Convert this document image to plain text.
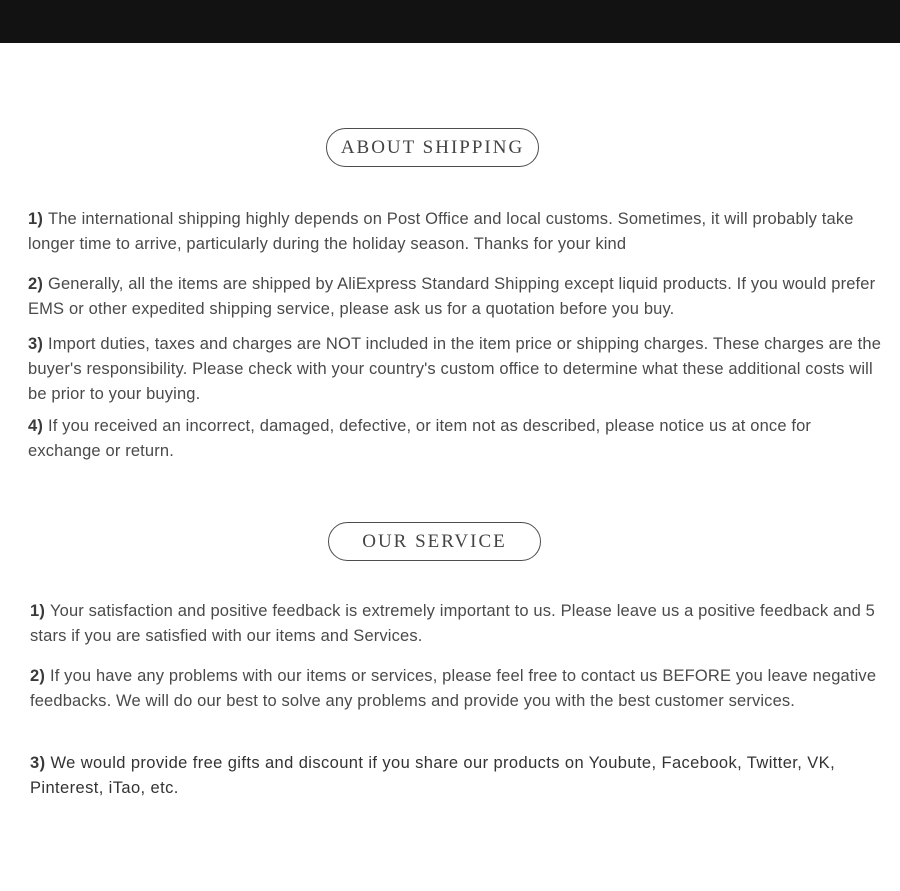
ABOUT SHIPPING

1) The international shipping highly depends on Post Office and local customs. Sometimes, it will probably take longer time to arrive, particularly during the holiday season. Thanks for your kind

2) Generally, all the items are shipped by AliExpress Standard Shipping except liquid products. If you would prefer EMS or other expedited shipping service, please ask us for a quotation before you buy.

3) Import duties, taxes and charges are NOT included in the item price or shipping charges. These charges are the buyer's responsibility. Please check with your country's custom office to determine what these additional costs will be prior to your buying.

4) If you received an incorrect, damaged, defective, or item not as described, please notice us at once for exchange or return.

OUR SERVICE

1) Your satisfaction and positive feedback is extremely important to us. Please leave us a positive feedback and 5 stars if you are satisfied with our items and Services.

2) If you have any problems with our items or services, please feel free to contact us BEFORE you leave negative feedbacks. We will do our best to solve any problems and provide you with the best customer services.

3) We would provide free gifts and discount if you share our products on Youbute, Facebook, Twitter, VK, Pinterest, iTao, etc.
